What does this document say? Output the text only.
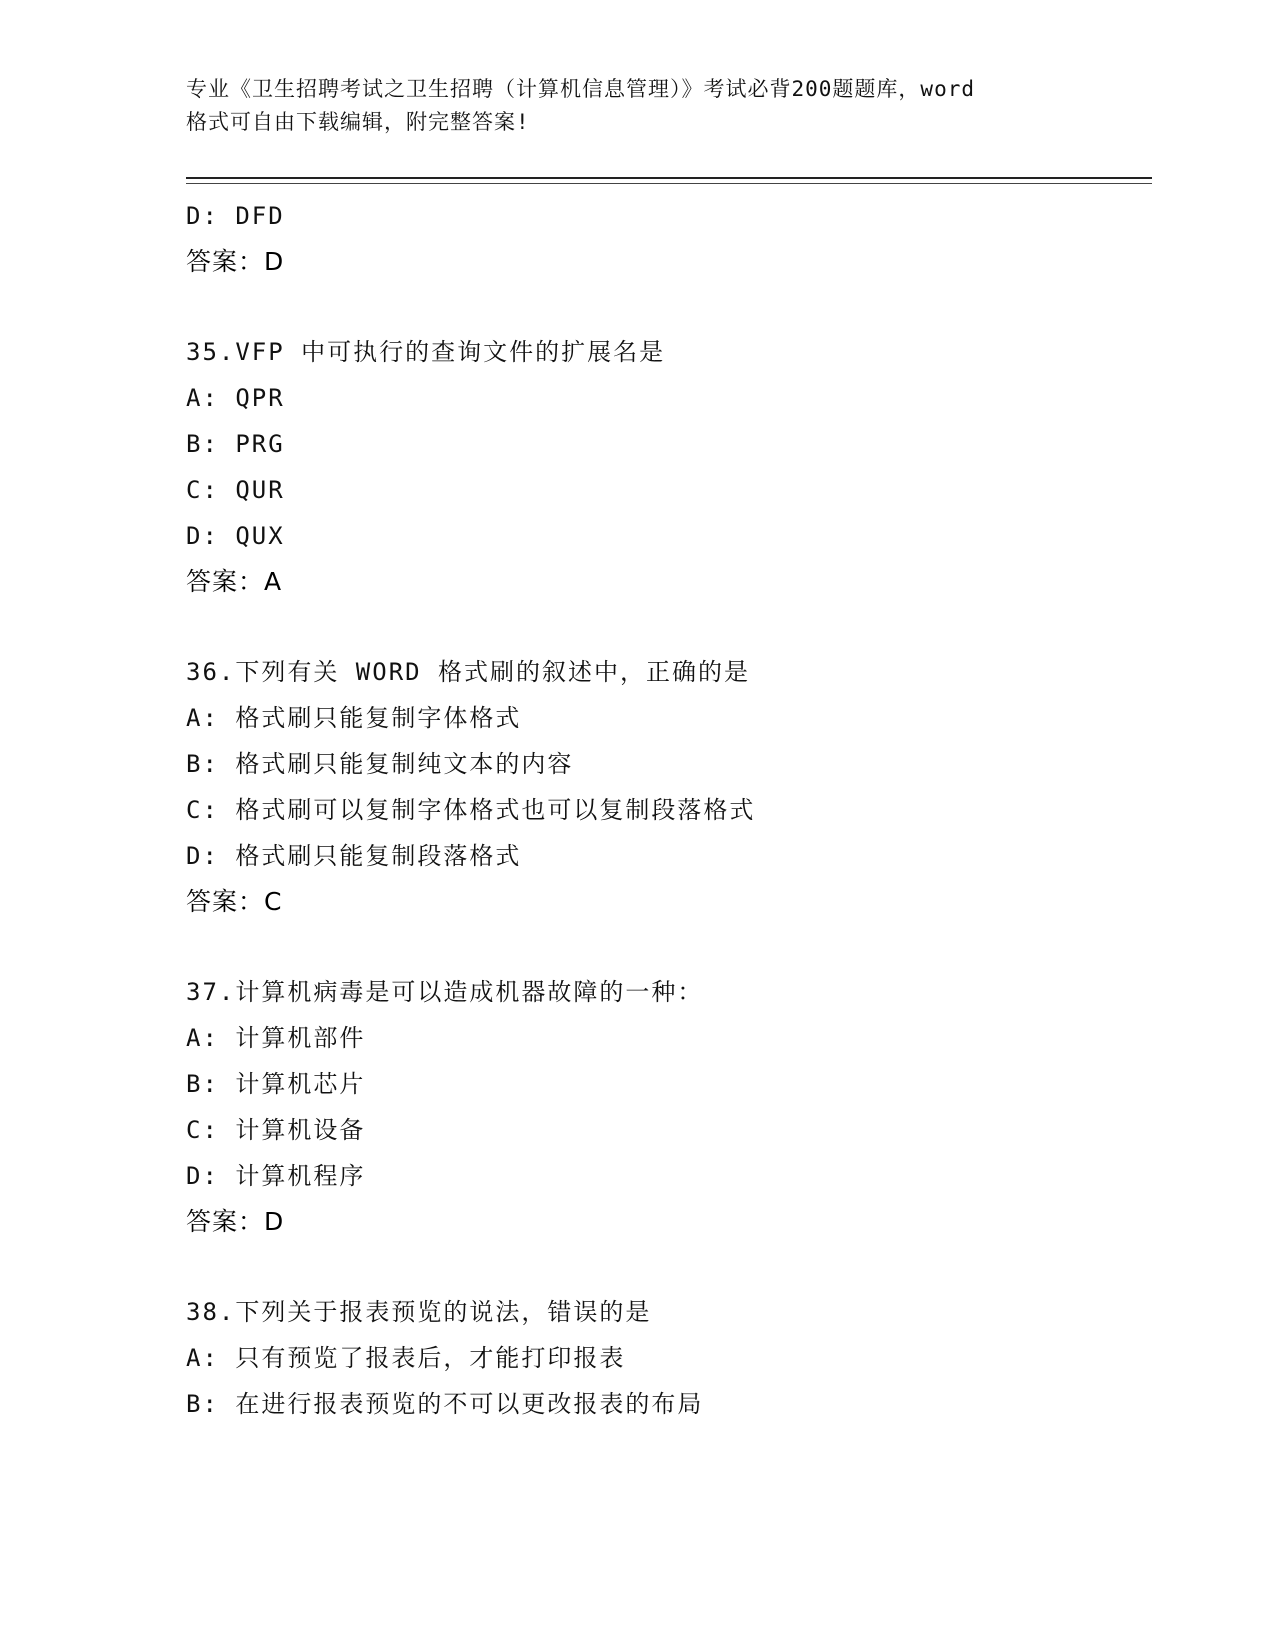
专业《卫生招聘考试之卫生招聘（计算机信息管理）》考试必背200题题库，word
格式可自由下载编辑，附完整答案!
D: DFD
答案：D
35.VFP 中可执行的查询文件的扩展名是
A: QPR
B: PRG
C: QUR
D: QUX
答案：A
36.下列有关 WORD 格式刷的叙述中，正确的是
A: 格式刷只能复制字体格式
B: 格式刷只能复制纯文本的内容
C: 格式刷可以复制字体格式也可以复制段落格式
D: 格式刷只能复制段落格式
答案：C
37.计算机病毒是可以造成机器故障的一种：
A: 计算机部件
B: 计算机芯片
C: 计算机设备
D: 计算机程序
答案：D
38.下列关于报表预览的说法，错误的是
A: 只有预览了报表后，才能打印报表
B: 在进行报表预览的不可以更改报表的布局
